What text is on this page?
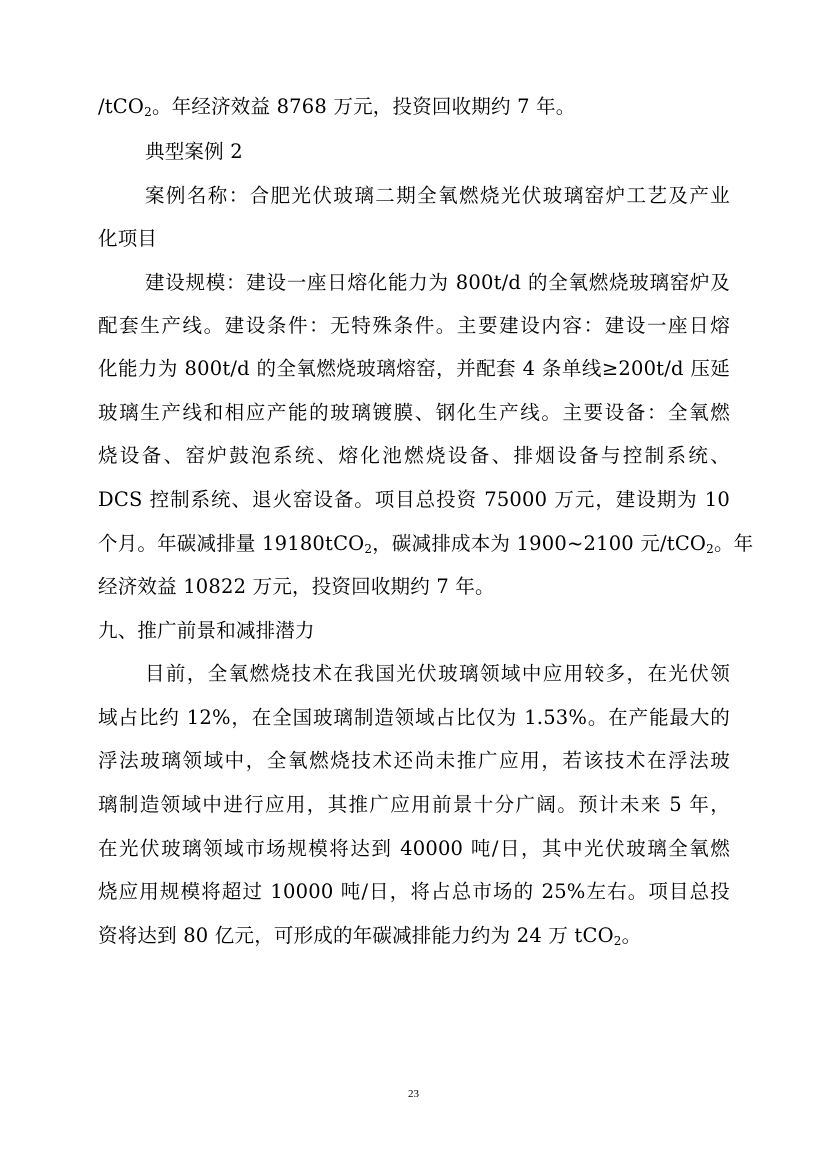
/tCO$_2$。年经济效益 8768 万元，投资回收期约 7 年。
典型案例 2
案例名称：合肥光伏玻璃二期全氧燃烧光伏玻璃窑炉工艺及产业
化项目
建设规模：建设一座日熔化能力为 800t/d 的全氧燃烧玻璃窑炉及
配套生产线。建设条件：无特殊条件。主要建设内容：建设一座日熔
化能力为 800t/d 的全氧燃烧玻璃熔窑，并配套 4 条单线≥200t/d 压延
玻璃生产线和相应产能的玻璃镀膜、钢化生产线。主要设备：全氧燃
烧设备、窑炉鼓泡系统、熔化池燃烧设备、排烟设备与控制系统、
DCS 控制系统、退火窑设备。项目总投资 75000 万元，建设期为 10
个月。年碳减排量 19180tCO$_2$，碳减排成本为 1900~2100 元/tCO$_2$。年
经济效益 10822 万元，投资回收期约 7 年。
九、推广前景和减排潜力
目前，全氧燃烧技术在我国光伏玻璃领域中应用较多，在光伏领
域占比约 12%，在全国玻璃制造领域占比仅为 1.53%。在产能最大的
浮法玻璃领域中，全氧燃烧技术还尚未推广应用，若该技术在浮法玻
璃制造领域中进行应用，其推广应用前景十分广阔。预计未来 5 年，
在光伏玻璃领域市场规模将达到 40000 吨/日，其中光伏玻璃全氧燃
烧应用规模将超过 10000 吨/日，将占总市场的 25%左右。项目总投
资将达到 80 亿元，可形成的年碳减排能力约为 24 万 tCO$_2$。
23
